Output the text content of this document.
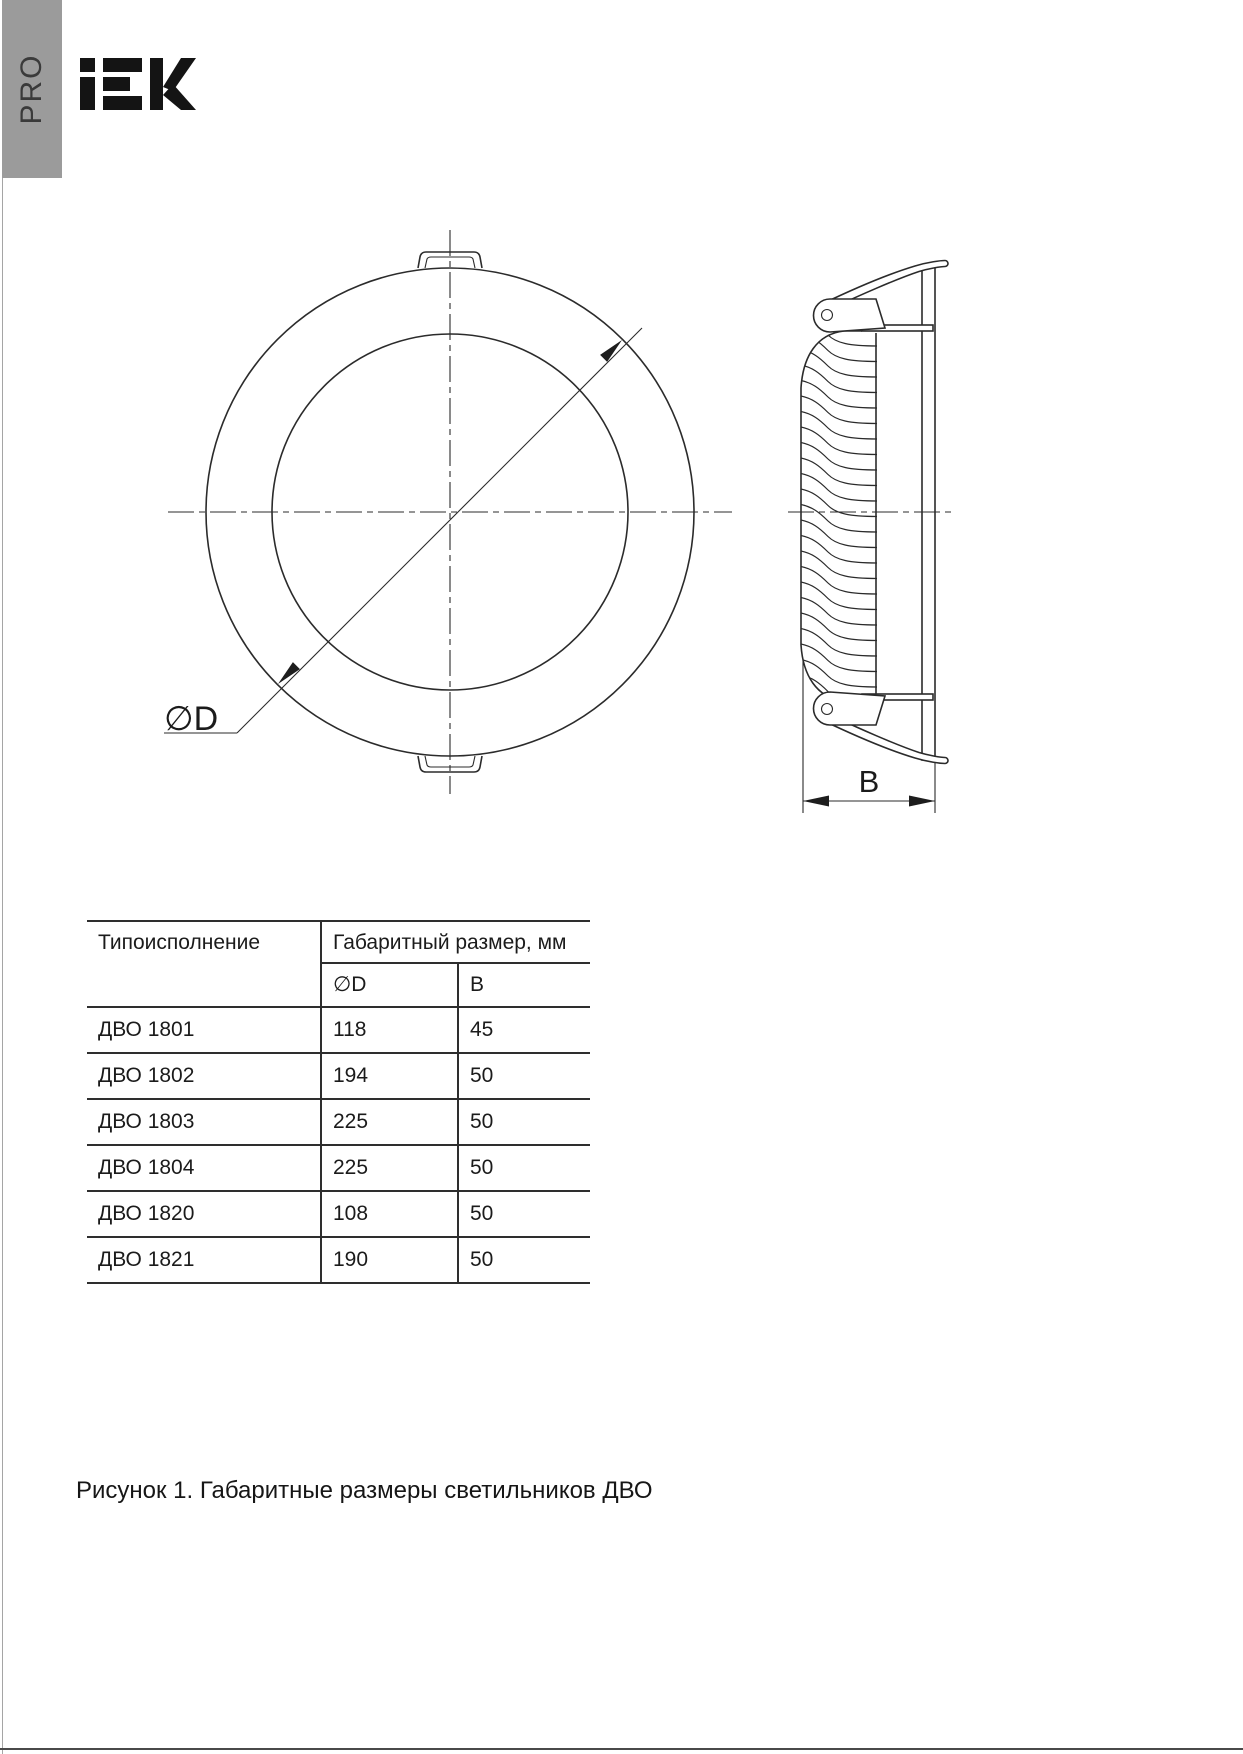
PRO
∅D
B
Типоисполнение	Габаритный размер, мм
∅D	B
ДВО 1801	118	45
ДВО 1802	194	50
ДВО 1803	225	50
ДВО 1804	225	50
ДВО 1820	108	50
ДВО 1821	190	50
Рисунок 1. Габаритные размеры светильников ДВО
